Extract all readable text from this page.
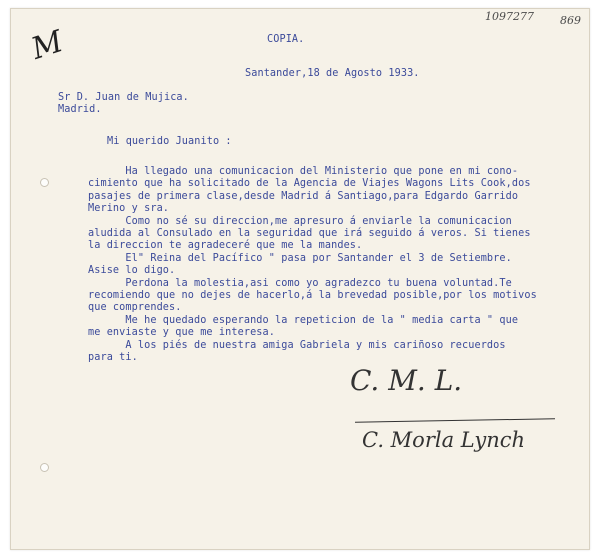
M
1097277 869
COPIA.
Santander,18 de Agosto 1933.
Sr D. Juan de Mujica.
Madrid.
Mi querido Juanito :
Ha llegado una comunicacion del Ministerio que pone en mi cono-
cimiento que ha solicitado de la Agencia de Viajes Wagons Lits Cook,dos
pasajes de primera clase,desde Madrid á Santiago,para Edgardo Garrido
Merino y sra.
Como no sé su direccion,me apresuro á enviarle la comunicacion
aludida al Consulado en la seguridad que irá seguido á veros. Si tienes
la direccion te agradeceré que me la mandes.
El" Reina del Pacífico " pasa por Santander el 3 de Setiembre.
Asise lo digo.
Perdona la molestia,asi como yo agradezco tu buena voluntad.Te
recomiendo que no dejes de hacerlo,á la brevedad posible,por los motivos
que comprendes.
Me he quedado esperando la repeticion de la " media carta " que
me enviaste y que me interesa.
A los piés de nuestra amiga Gabriela y mis cariñoso recuerdos
para ti.
C. M. L.
C. Morla Lynch
